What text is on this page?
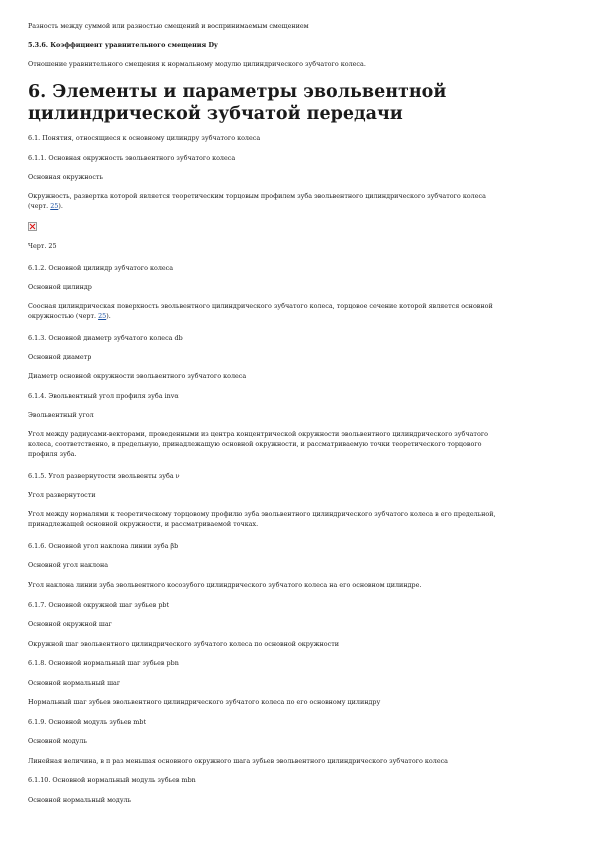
Разность между суммой или разностью смещений и воспринимаемым смещением

5.3.6. Коэффициент уравнительного смещения Dy

Отношение уравнительного смещения к нормальному модулю цилиндрического зубчатого колеса.

6. Элементы и параметры эвольвентной цилиндрической зубчатой передачи

6.1. Понятия, относящиеся к основному цилиндру зубчатого колеса

6.1.1. Основная окружность эвольвентного зубчатого колеса

Основная окружность

Окружность, развертка которой является теоретическим торцовым профилем зуба эвольвентного цилиндрического зубчатого колеса

(черт. 25).

Черт. 25

6.1.2. Основной цилиндр зубчатого колеса

Основной цилиндр

Соосная цилиндрическая поверхность эвольвентного цилиндрического зубчатого колеса, торцовое сечение которой является основной

окружностью (черт. 25).

6.1.3. Основной диаметр зубчатого колеса db

Основной диаметр

Диаметр основной окружности эвольвентного зубчатого колеса

6.1.4. Эвольвентный угол профиля зуба invα

Эвольвентный угол

Угол между радиусами-векторами, проведенными из центра концентрической окружности эвольвентного цилиндрического зубчатого

колеса, соответственно, в предельную, принадлежащую основной окружности, и рассматриваемую точки теоретического торцового

профиля зуба.

6.1.5. Угол развернутости эвольвенты зуба ν

Угол развернутости

Угол между нормалями к теоретическому торцовому профилю зуба эвольвентного цилиндрического зубчатого колеса в его предельной,

принадлежащей основной окружности, и рассматриваемой точках.

6.1.6. Основной угол наклона линии зуба βb

Основной угол наклона

Угол наклона линии зуба эвольвентного косозубого цилиндрического зубчатого колеса на его основном цилиндре.

6.1.7. Основной окружной шаг зубьев pbt

Основной окружной шаг

Окружной шаг эвольвентного цилиндрического зубчатого колеса по основной окружности

6.1.8. Основной нормальный шаг зубьев pbn

Основной нормальный шаг

Нормальный шаг зубьев эвольвентного цилиндрического зубчатого колеса по его основному цилиндру

6.1.9. Основной модуль зубьев mbt

Основной модуль

Линейная величина, в π раз меньшая основного окружного шага зубьев эвольвентного цилиндрического зубчатого колеса

6.1.10. Основной нормальный модуль зубьев mbn

Основной нормальный модуль
